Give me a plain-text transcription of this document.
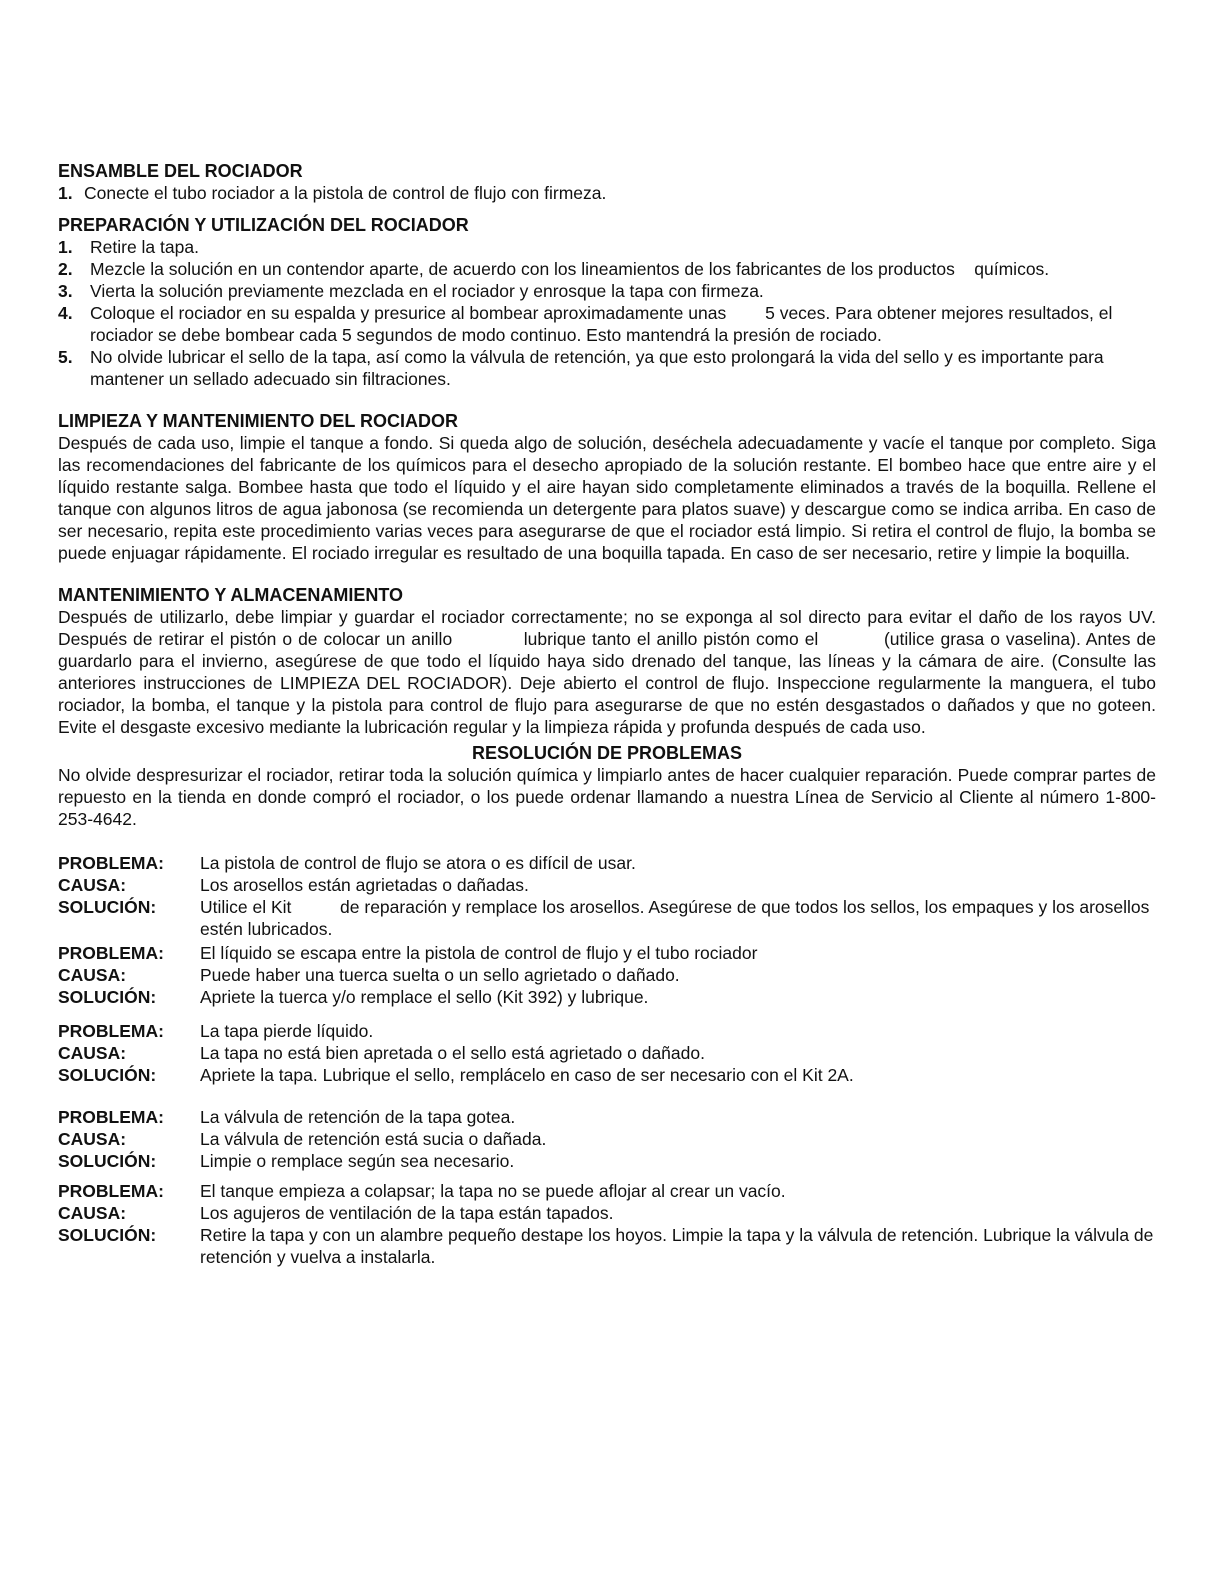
ENSAMBLE DEL ROCIADOR
1. Conecte el tubo rociador a la pistola de control de flujo con firmeza.
PREPARACIÓN Y UTILIZACIÓN DEL ROCIADOR
1. Retire la tapa.
2. Mezcle la solución en un contendor aparte, de acuerdo con los lineamientos de los fabricantes de los productos    químicos.
3. Vierta la solución previamente mezclada en el rociador y enrosque la tapa con firmeza.
4. Coloque el rociador en su espalda y presurice al bombear aproximadamente unas        5 veces. Para obtener mejores resultados, el rociador se debe bombear cada 5 segundos de modo continuo. Esto mantendrá la presión de rociado.
5. No olvide lubricar el sello de la tapa, así como la válvula de retención, ya que esto prolongará la vida del sello y es importante para mantener un sellado adecuado sin filtraciones.
LIMPIEZA Y MANTENIMIENTO DEL ROCIADOR

Después de cada uso, limpie el tanque a fondo. Si queda algo de solución, deséchela adecuadamente y vacíe el tanque por completo. Siga las recomendaciones del fabricante de los químicos para el desecho apropiado de la solución restante. El bombeo hace que entre aire y el líquido restante salga. Bombee hasta que todo el líquido y el aire hayan sido completamente eliminados a través de la boquilla. Rellene el tanque con algunos litros de agua jabonosa (se recomienda un detergente para platos suave) y descargue como se indica arriba. En caso de ser necesario, repita este procedimiento varias veces para asegurarse de que el rociador está limpio. Si retira el control de flujo, la bomba se puede enjuagar rápidamente. El rociado irregular es resultado de una boquilla tapada. En caso de ser necesario, retire y limpie la boquilla.

MANTENIMIENTO Y ALMACENAMIENTO

Después de utilizarlo, debe limpiar y guardar el rociador correctamente; no se exponga al sol directo para evitar el daño de los rayos UV. Después de retirar el pistón o de colocar un anillo            lubrique tanto el anillo pistón como el           (utilice grasa o vaselina). Antes de guardarlo para el invierno, asegúrese de que todo el líquido haya sido drenado del tanque, las líneas y la cámara de aire. (Consulte las anteriores instrucciones de LIMPIEZA DEL ROCIADOR). Deje abierto el control de flujo. Inspeccione regularmente la manguera, el tubo rociador, la bomba, el tanque y la pistola para control de flujo para asegurarse de que no estén desgastados o dañados y que no goteen. Evite el desgaste excesivo mediante la lubricación regular y la limpieza rápida y profunda después de cada uso.

RESOLUCIÓN DE PROBLEMAS

No olvide despresurizar el rociador, retirar toda la solución química y limpiarlo antes de hacer cualquier reparación. Puede comprar partes de repuesto en la tienda en donde compró el rociador, o los puede ordenar llamando a nuestra Línea de Servicio al Cliente al número 1-800-253-4642.

PROBLEMA:	La pistola de control de flujo se atora o es difícil de usar.
CAUSA:	Los arosellos están agrietadas o dañadas.
SOLUCIÓN:	Utilice el Kit          de reparación y remplace los arosellos. Asegúrese de que todos los sellos, los empaques y los arosellos estén lubricados.
PROBLEMA:	El líquido se escapa entre la pistola de control de flujo y el tubo rociador
CAUSA:	Puede haber una tuerca suelta o un sello agrietado o dañado.
SOLUCIÓN:	Apriete la tuerca y/o remplace el sello (Kit 392) y lubrique.
PROBLEMA:	La tapa pierde líquido.
CAUSA:	La tapa no está bien apretada o el sello está agrietado o dañado.
SOLUCIÓN:	Apriete la tapa. Lubrique el sello, remplácelo en caso de ser necesario con el Kit 2A.
PROBLEMA:	La válvula de retención de la tapa gotea.
CAUSA:	La válvula de retención está sucia o dañada.
SOLUCIÓN:	Limpie o remplace según sea necesario.
PROBLEMA:	El tanque empieza a colapsar; la tapa no se puede aflojar al crear un vacío.
CAUSA:	Los agujeros de ventilación de la tapa están tapados.
SOLUCIÓN:	Retire la tapa y con un alambre pequeño destape los hoyos. Limpie la tapa y la válvula de retención. Lubrique la válvula de retención y vuelva a instalarla.
